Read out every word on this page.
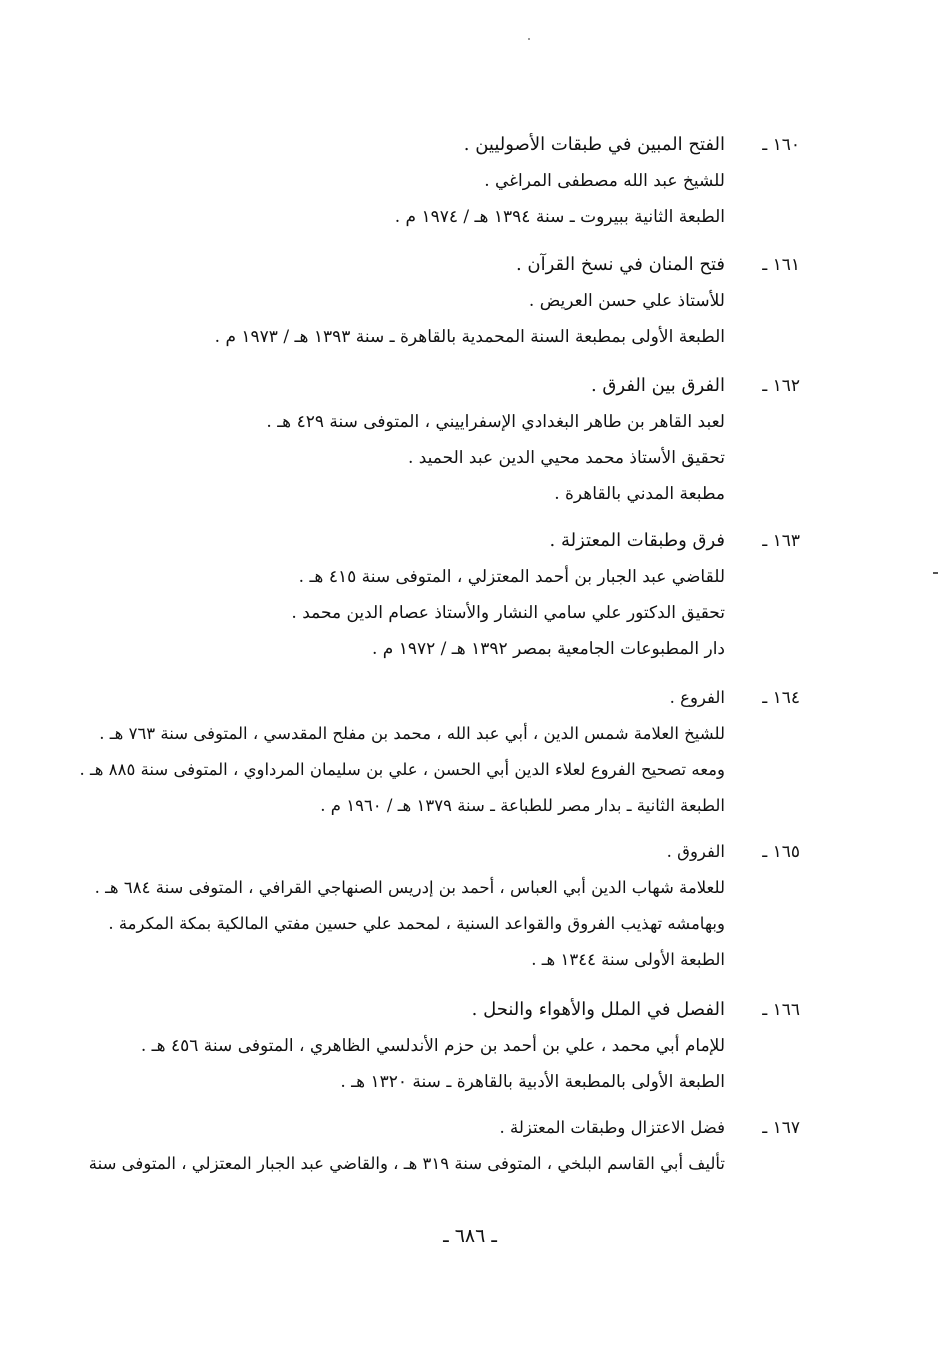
١٦٠ ـ
الفتح المبين في طبقات الأصوليين .
للشيخ عبد الله مصطفى المراغي .
الطبعة الثانية ببيروت ـ سنة ١٣٩٤ هـ / ١٩٧٤ م .
١٦١ ـ
فتح المنان في نسخ القرآن .
للأستاذ علي حسن العريض .
الطبعة الأولى بمطبعة السنة المحمدية بالقاهرة ـ سنة ١٣٩٣ هـ / ١٩٧٣ م .
١٦٢ ـ
الفرق بين الفرق .
لعبد القاهر بن طاهر البغدادي الإسفراييني ، المتوفى سنة ٤٢٩ هـ .
تحقيق الأستاذ محمد محيي الدين عبد الحميد .
مطبعة المدني بالقاهرة .
١٦٣ ـ
فرق وطبقات المعتزلة .
للقاضي عبد الجبار بن أحمد المعتزلي ، المتوفى سنة ٤١٥ هـ .
تحقيق الدكتور علي سامي النشار والأستاذ عصام الدين محمد .
دار المطبوعات الجامعية بمصر ١٣٩٢ هـ / ١٩٧٢ م .
١٦٤ ـ
الفروع .
للشيخ العلامة شمس الدين ، أبي عبد الله ، محمد بن مفلح المقدسي ، المتوفى سنة ٧٦٣ هـ .
ومعه تصحيح الفروع لعلاء الدين أبي الحسن ، علي بن سليمان المرداوي ، المتوفى سنة ٨٨٥ هـ .
الطبعة الثانية ـ بدار مصر للطباعة ـ سنة ١٣٧٩ هـ / ١٩٦٠ م .
١٦٥ ـ
الفروق .
للعلامة شهاب الدين أبي العباس ، أحمد بن إدريس الصنهاجي القرافي ، المتوفى سنة ٦٨٤ هـ .
وبهامشه تهذيب الفروق والقواعد السنية ، لمحمد علي حسين مفتي المالكية بمكة المكرمة .
الطبعة الأولى سنة ١٣٤٤ هـ .
١٦٦ ـ
الفصل في الملل والأهواء والنحل .
للإمام أبي محمد ، علي بن أحمد بن حزم الأندلسي الظاهري ، المتوفى سنة ٤٥٦ هـ .
الطبعة الأولى بالمطبعة الأدبية بالقاهرة ـ سنة ١٣٢٠ هـ .
١٦٧ ـ
فضل الاعتزال وطبقات المعتزلة .
تأليف أبي القاسم البلخي ، المتوفى سنة ٣١٩ هـ ، والقاضي عبد الجبار المعتزلي ، المتوفى سنة
ـ ٦٨٦ ـ
